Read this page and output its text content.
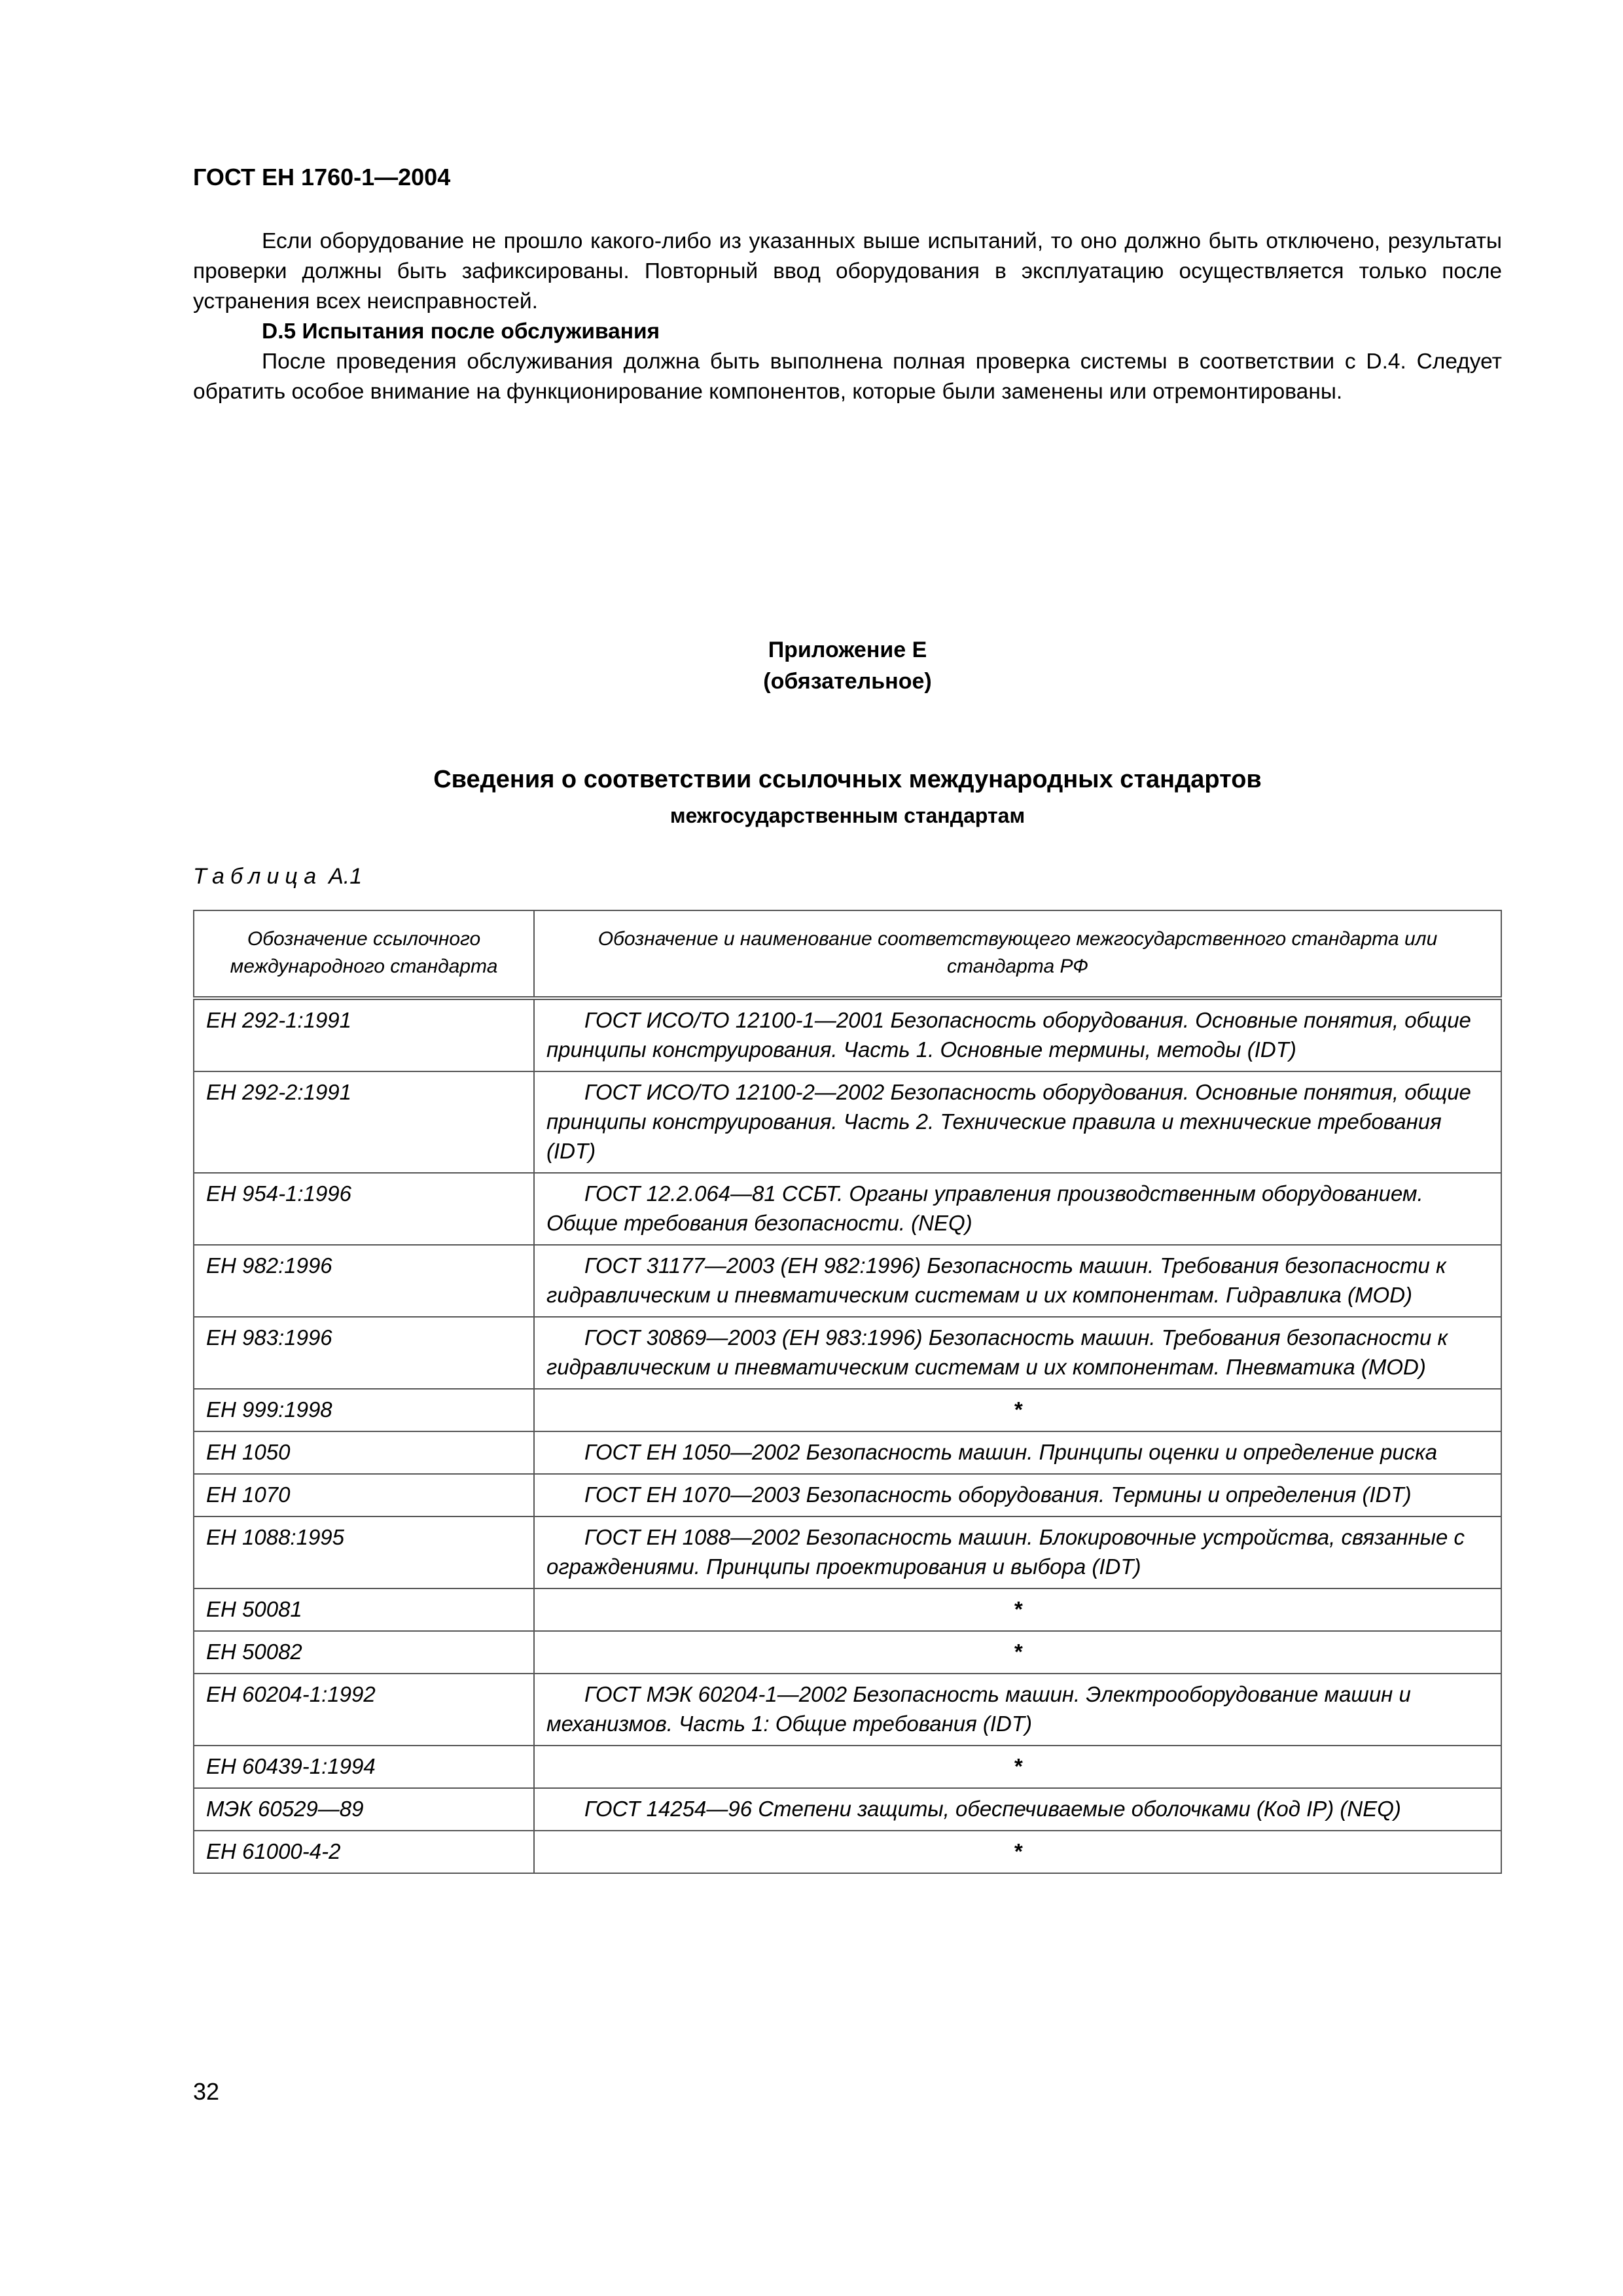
ГОСТ ЕН 1760-1—2004

Если оборудование не прошло какого-либо из указанных выше испытаний, то оно должно быть отключено, результаты проверки должны быть зафиксированы. Повторный ввод оборудования в эксплуатацию осуществляется только после устранения всех неисправностей.

D.5 Испытания после обслуживания

После проведения обслуживания должна быть выполнена полная проверка системы в соответствии с D.4. Следует обратить особое внимание на функционирование компонентов, которые были заменены или отремонтированы.

Приложение Е
(обязательное)
Сведения о соответствии ссылочных международных стандартов
межгосударственным стандартам
Таблица А.1
Обозначение ссылочного международного стандарта	Обозначение и наименование соответствующего межгосударственного стандарта или стандарта РФ
ЕН 292-1:1991	ГОСТ ИСО/ТО 12100-1—2001 Безопасность оборудования. Основные понятия, общие принципы конструирования. Часть 1. Основные термины, методы (IDT)
ЕН 292-2:1991	ГОСТ ИСО/ТО 12100-2—2002 Безопасность оборудования. Основные понятия, общие принципы конструирования. Часть 2. Технические правила и технические требования (IDT)
ЕН 954-1:1996	ГОСТ 12.2.064—81 ССБТ. Органы управления производственным оборудованием. Общие требования безопасности. (NEQ)
ЕН 982:1996	ГОСТ 31177—2003 (ЕН 982:1996) Безопасность машин. Требования безопасности к гидравлическим и пневматическим системам и их компонентам. Гидравлика (MOD)
ЕН 983:1996	ГОСТ 30869—2003 (ЕН 983:1996) Безопасность машин. Требования безопасности к гидравлическим и пневматическим системам и их компонентам. Пневматика (MOD)
ЕН 999:1998	*
ЕН 1050	ГОСТ ЕН 1050—2002 Безопасность машин. Принципы оценки и определение риска
ЕН 1070	ГОСТ ЕН 1070—2003 Безопасность оборудования. Термины и определения (IDT)
ЕН 1088:1995	ГОСТ ЕН 1088—2002 Безопасность машин. Блокировочные устройства, связанные с ограждениями. Принципы проектирования и выбора (IDT)
ЕН 50081	*
ЕН 50082	*
ЕН 60204-1:1992	ГОСТ МЭК 60204-1—2002 Безопасность машин. Электрооборудование машин и механизмов. Часть 1: Общие требования (IDT)
ЕН 60439-1:1994	*
МЭК 60529—89	ГОСТ 14254—96 Степени защиты, обеспечиваемые оболочками (Код IP) (NEQ)
ЕН 61000-4-2	*
32
